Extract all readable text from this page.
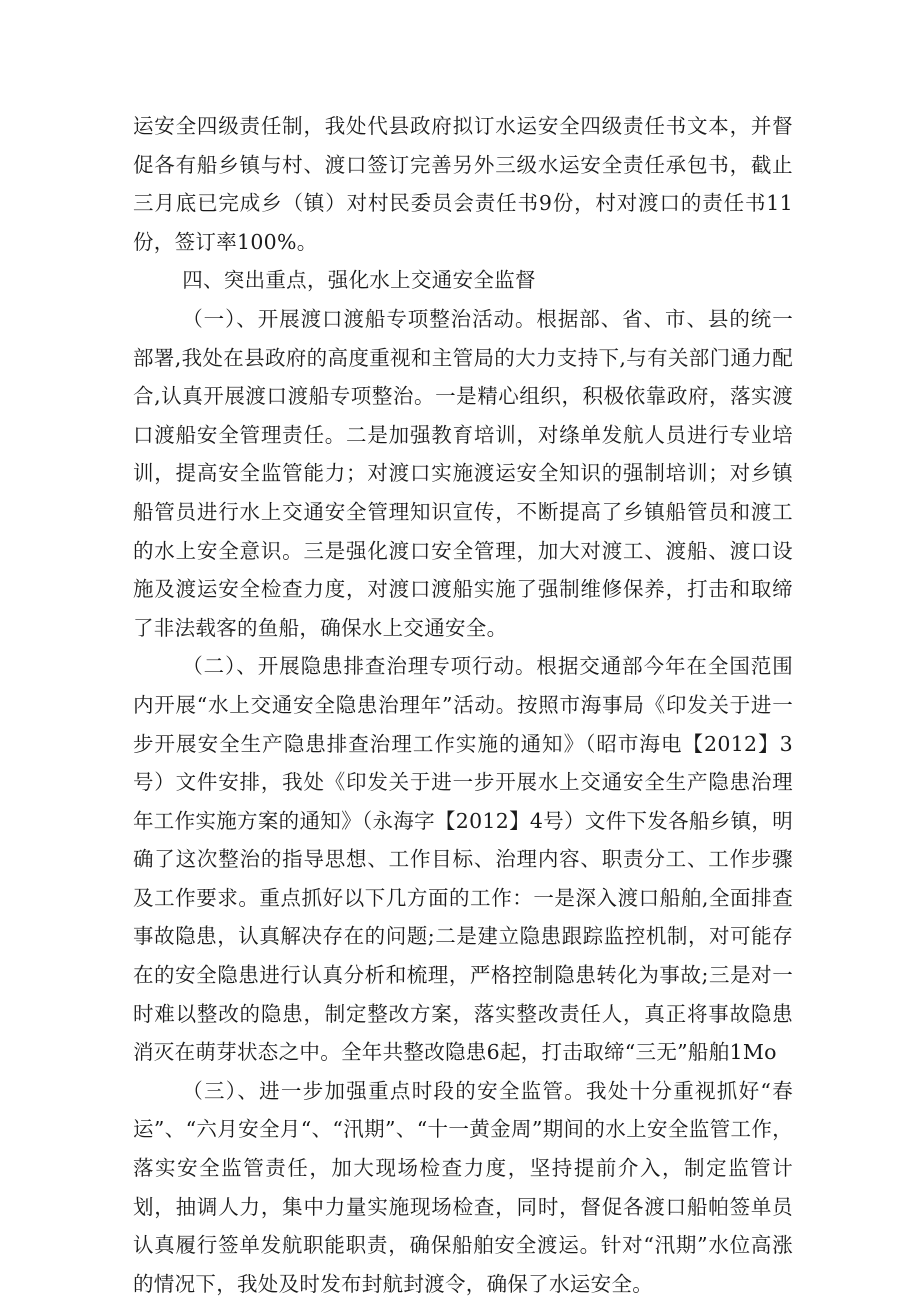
运安全四级责任制，我处代县政府拟订水运安全四级责任书文本，并督促各有船乡镇与村、渡口签订完善另外三级水运安全责任承包书，截止三月底已完成乡（镇）对村民委员会责任书9份，村对渡口的责任书11份，签订率100%。

四、突出重点，强化水上交通安全监督

（一）、开展渡口渡船专项整治活动。根据部、省、市、县的统一部署,我处在县政府的高度重视和主管局的大力支持下,与有关部门通力配合,认真开展渡口渡船专项整治。一是精心组织，积极依靠政府，落实渡口渡船安全管理责任。二是加强教育培训，对绦单发航人员进行专业培训，提高安全监管能力；对渡口实施渡运安全知识的强制培训；对乡镇船管员进行水上交通安全管理知识宣传，不断提高了乡镇船管员和渡工的水上安全意识。三是强化渡口安全管理，加大对渡工、渡船、渡口设施及渡运安全检查力度，对渡口渡船实施了强制维修保养，打击和取缔了非法载客的鱼船，确保水上交通安全。

（二）、开展隐患排查治理专项行动。根据交通部今年在全国范围内开展“水上交通安全隐患治理年”活动。按照市海事局《印发关于进一步开展安全生产隐患排查治理工作实施的通知》（昭市海电【2012】3号）文件安排，我处《印发关于进一步开展水上交通安全生产隐患治理年工作实施方案的通知》（永海字【2012】4号）文件下发各船乡镇，明确了这次整治的指导思想、工作目标、治理内容、职责分工、工作步骤及工作要求。重点抓好以下几方面的工作：一是深入渡口船舶,全面排查事故隐患，认真解决存在的问题;二是建立隐患跟踪监控机制，对可能存在的安全隐患进行认真分析和梳理，严格控制隐患转化为事故;三是对一时难以整改的隐患，制定整改方案，落实整改责任人，真正将事故隐患消灭在萌芽状态之中。全年共整改隐患6起，打击取缔“三无”船舶1Mo

（三）、进一步加强重点时段的安全监管。我处十分重视抓好“春运”、“六月安全月“、“汛期”、“十一黄金周”期间的水上安全监管工作，落实安全监管责任，加大现场检查力度，坚持提前介入，制定监管计划，抽调人力，集中力量实施现场检查，同时，督促各渡口船帕签单员认真履行签单发航职能职责，确保船舶安全渡运。针对“汛期”水位高涨的情况下，我处及时发布封航封渡令，确保了水运安全。
